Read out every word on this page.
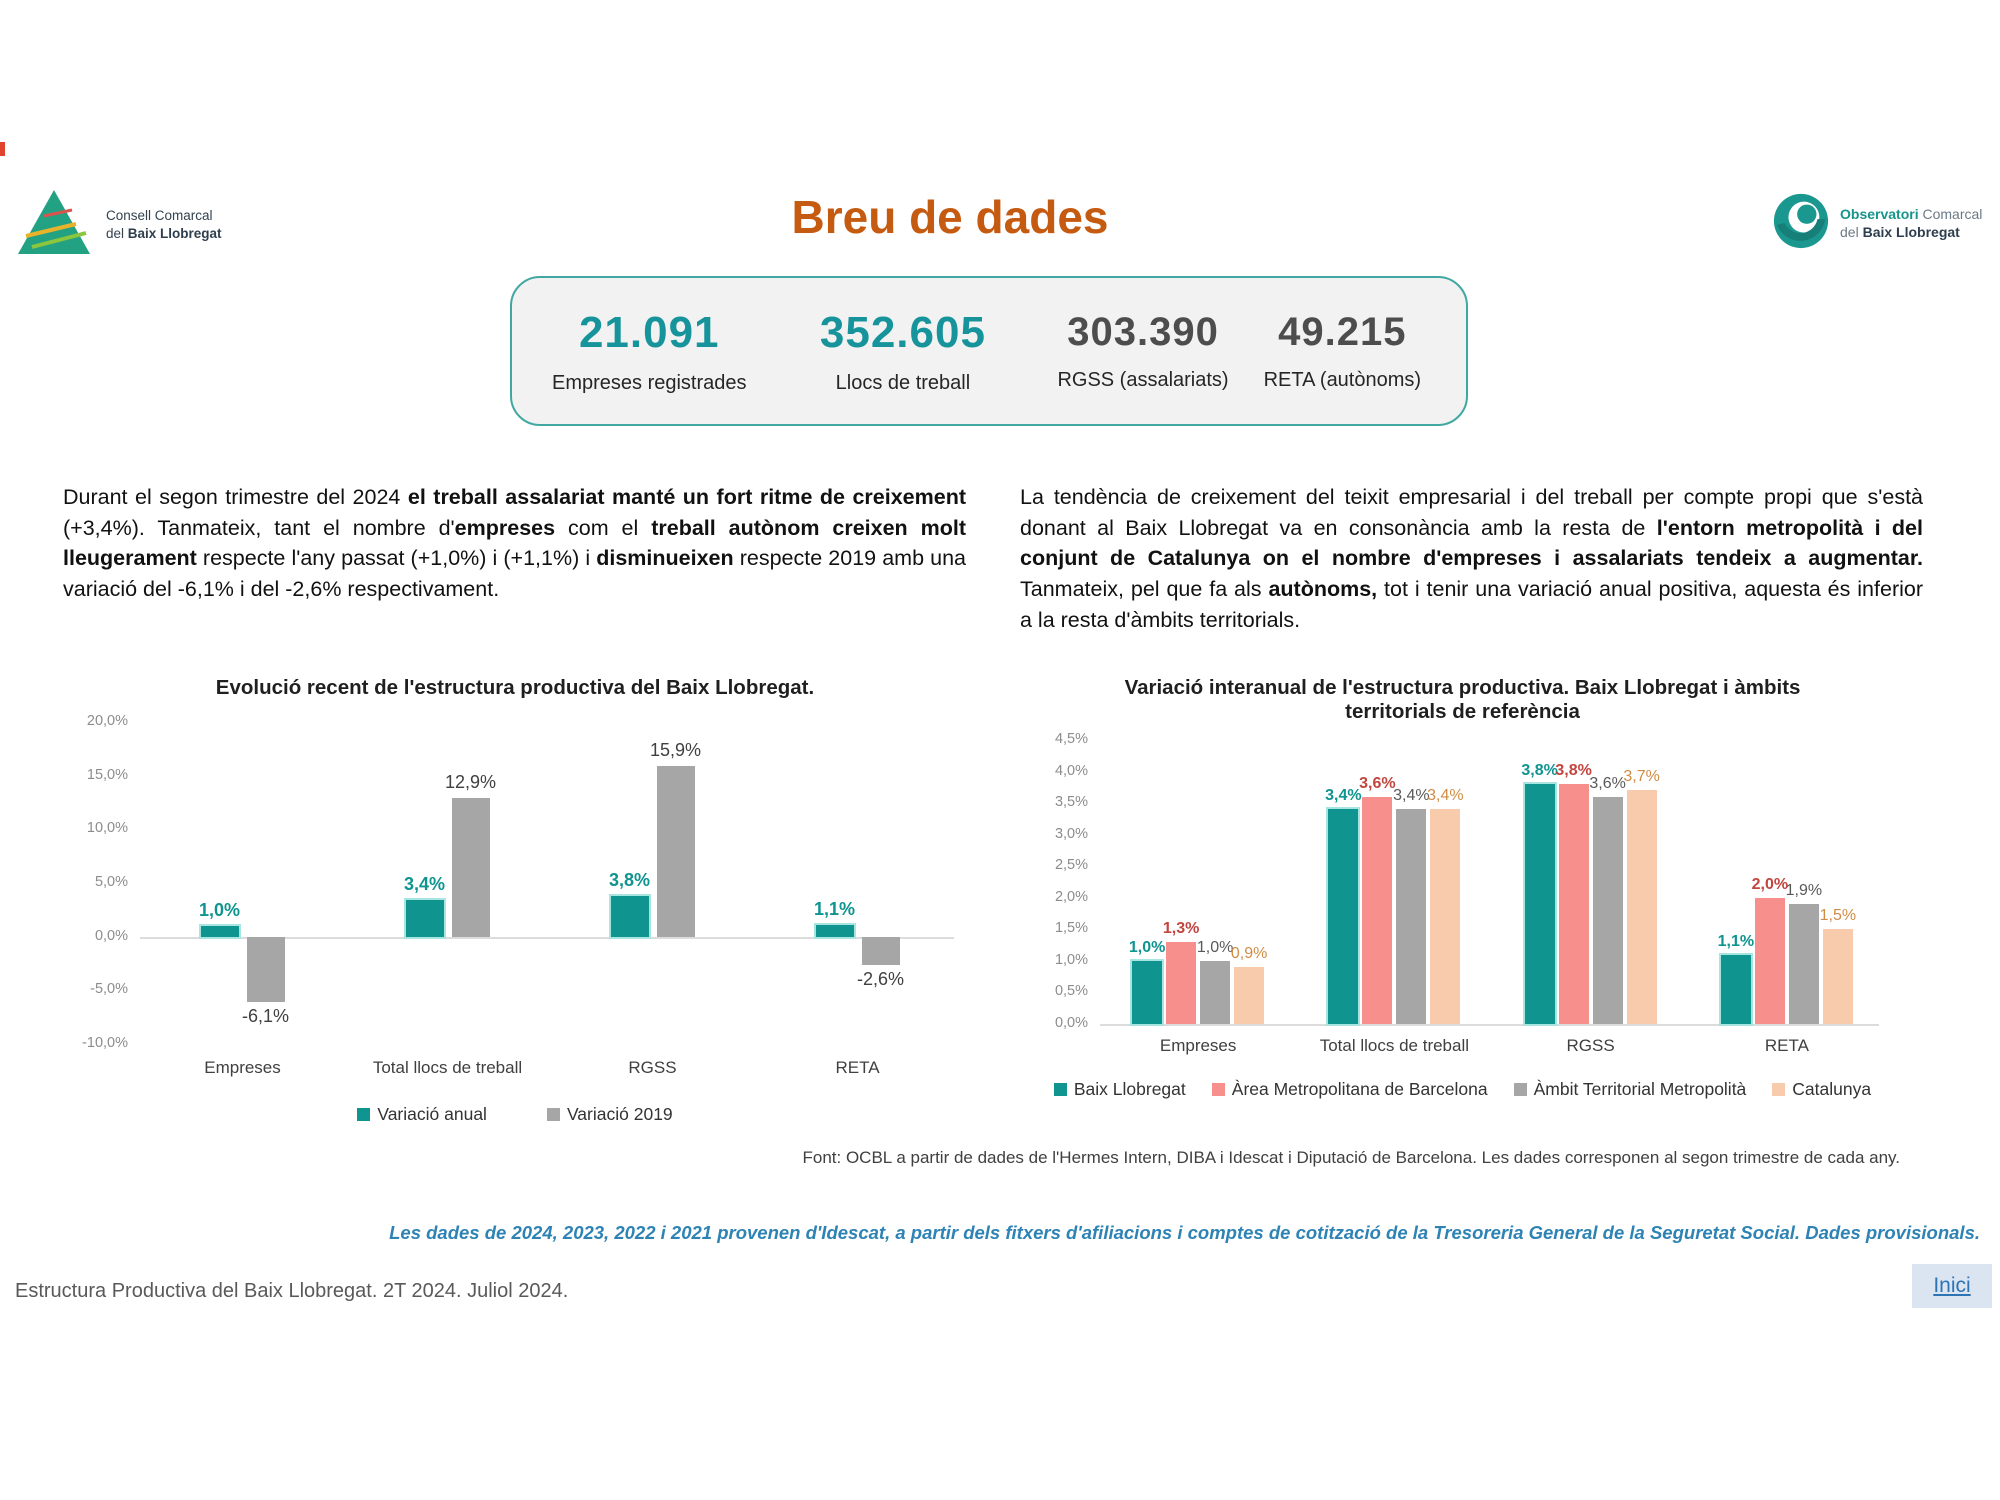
Consell Comarcal
del Baix Llobregat
Observatori Comarcal
del Baix Llobregat
Breu de dades
21.091
Empreses registrades
352.605
Llocs de treball
303.390
RGSS (assalariats)
49.215
RETA (autònoms)

Durant el segon trimestre del 2024 el treball assalariat manté un fort ritme de creixement (+3,4%). Tanmateix, tant el nombre d'empreses com el treball autònom creixen molt lleugerament respecte l'any passat (+1,0%) i (+1,1%) i disminueixen respecte 2019 amb una variació del -6,1% i del -2,6% respectivament.

La tendència de creixement del teixit empresarial i del treball per compte propi que s'està donant al Baix Llobregat va en consonància amb la resta de l'entorn metropolità i del conjunt de Catalunya on el nombre d'empreses i assalariats tendeix a augmentar. Tanmateix, pel que fa als autònoms, tot i tenir una variació anual positiva, aquesta és inferior a la resta d'àmbits territorials.

Evolució recent de l'estructura productiva del Baix Llobregat.
20,0%
15,0%
10,0%
5,0%
0,0%
-5,0%
-10,0%
Empreses
1,0%
-6,1%
Total llocs de treball
3,4%
12,9%
RGSS
3,8%
15,9%
RETA
1,1%
-2,6%
Variació anual	Variació 2019
Variació interanual de l'estructura productiva. Baix Llobregat i àmbits territorials de referència
4,5%
4,0%
3,5%
3,0%
2,5%
2,0%
1,5%
1,0%
0,5%
0,0%
Empreses
1,0%
1,3%
1,0%
0,9%
Total llocs de treball
3,4%
3,6%
3,4%
3,4%
RGSS
3,8%
3,8%
3,6%
3,7%
RETA
1,1%
2,0%
1,9%
1,5%
Baix Llobregat	Àrea Metropolitana de Barcelona	Àmbit Territorial Metropolità	Catalunya
Font: OCBL a partir de dades de l'Hermes Intern, DIBA i Idescat i Diputació de Barcelona. Les dades corresponen al segon trimestre de cada any.
Les dades de 2024, 2023, 2022 i 2021 provenen d'Idescat, a partir dels fitxers d'afiliacions i comptes de cotització de la Tresoreria General de la Seguretat Social. Dades provisionals.
Estructura Productiva del Baix Llobregat. 2T 2024. Juliol 2024.	Inici
